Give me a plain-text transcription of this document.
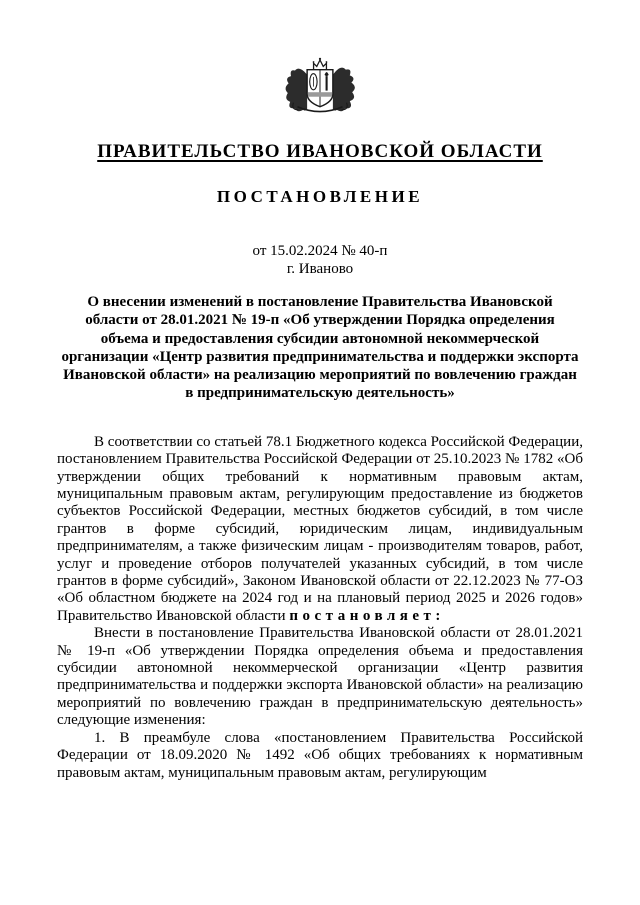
ПРАВИТЕЛЬСТВО ИВАНОВСКОЙ ОБЛАСТИ
ПОСТАНОВЛЕНИЕ
от 15.02.2024 № 40-п
г. Иваново
О внесении изменений в постановление Правительства Ивановской области от 28.01.2021 № 19-п «Об утверждении Порядка определения объема и предоставления субсидии автономной некоммерческой организации «Центр развития предпринимательства и поддержки экспорта Ивановской области» на реализацию мероприятий по вовлечению граждан в предпринимательскую деятельность»

В соответствии со статьей 78.1 Бюджетного кодекса Российской Федерации, постановлением Правительства Российской Федерации от 25.10.2023 № 1782 «Об утверждении общих требований к нормативным правовым актам, муниципальным правовым актам, регулирующим предоставление из бюджетов субъектов Российской Федерации, местных бюджетов субсидий, в том числе грантов в форме субсидий, юридическим лицам, индивидуальным предпринимателям, а также физическим лицам - производителям товаров, работ, услуг и проведение отборов получателей указанных субсидий, в том числе грантов в форме субсидий», Законом Ивановской области от 22.12.2023 № 77-ОЗ «Об областном бюджете на 2024 год и на плановый период 2025 и 2026 годов» Правительство Ивановской области постановляет:

Внести в постановление Правительства Ивановской области от 28.01.2021 № 19-п «Об утверждении Порядка определения объема и предоставления субсидии автономной некоммерческой организации «Центр развития предпринимательства и поддержки экспорта Ивановской области» на реализацию мероприятий по вовлечению граждан в предпринимательскую деятельность» следующие изменения:

1. В преамбуле слова «постановлением Правительства Российской Федерации от 18.09.2020 № 1492 «Об общих требованиях к нормативным правовым актам, муниципальным правовым актам, регулирующим
